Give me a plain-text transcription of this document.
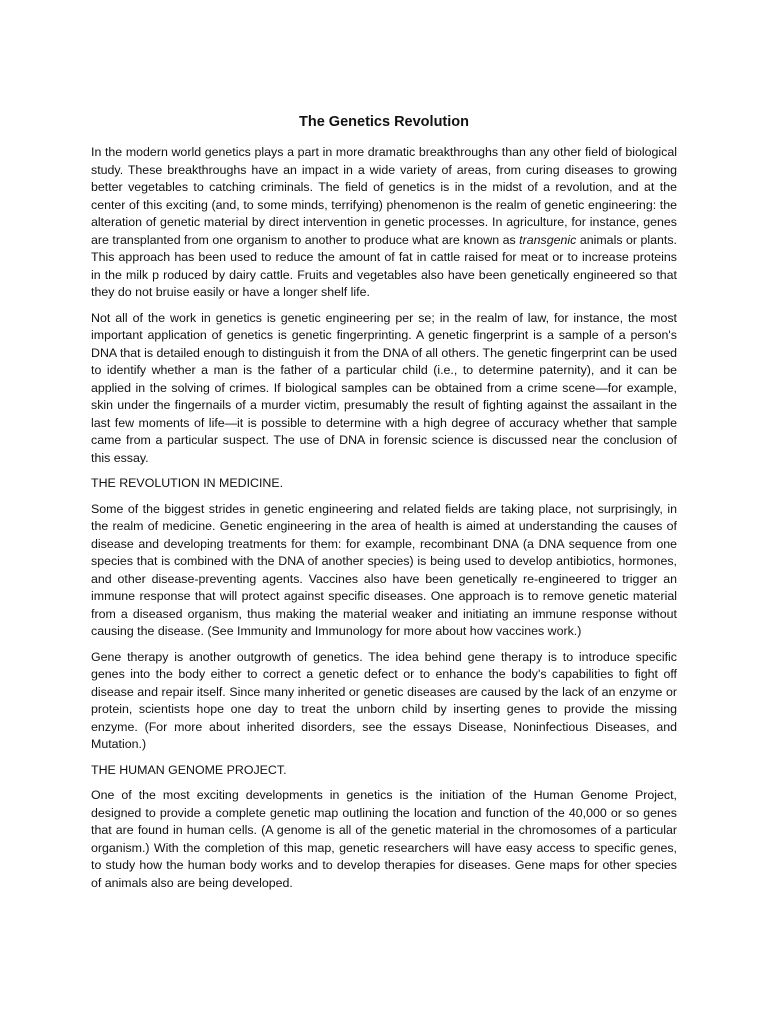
The Genetics Revolution

In the modern world genetics plays a part in more dramatic breakthroughs than any other field of biological study. These breakthroughs have an impact in a wide variety of areas, from curing diseases to growing better vegetables to catching criminals. The field of genetics is in the midst of a revolution, and at the center of this exciting (and, to some minds, terrifying) phenomenon is the realm of genetic engineering: the alteration of genetic material by direct intervention in genetic processes. In agriculture, for instance, genes are transplanted from one organism to another to produce what are known as transgenic animals or plants. This approach has been used to reduce the amount of fat in cattle raised for meat or to increase proteins in the milk p roduced by dairy cattle. Fruits and vegetables also have been genetically engineered so that they do not bruise easily or have a longer shelf life.

Not all of the work in genetics is genetic engineering per se; in the realm of law, for instance, the most important application of genetics is genetic fingerprinting. A genetic fingerprint is a sample of a person's DNA that is detailed enough to distinguish it from the DNA of all others. The genetic fingerprint can be used to identify whether a man is the father of a particular child (i.e., to determine paternity), and it can be applied in the solving of crimes. If biological samples can be obtained from a crime scene—for example, skin under the fingernails of a murder victim, presumably the result of fighting against the assailant in the last few moments of life—it is possible to determine with a high degree of accuracy whether that sample came from a particular suspect. The use of DNA in forensic science is discussed near the conclusion of this essay.

THE REVOLUTION IN MEDICINE.

Some of the biggest strides in genetic engineering and related fields are taking place, not surprisingly, in the realm of medicine. Genetic engineering in the area of health is aimed at understanding the causes of disease and developing treatments for them: for example, recombinant DNA (a DNA sequence from one species that is combined with the DNA of another species) is being used to develop antibiotics, hormones, and other disease-preventing agents. Vaccines also have been genetically re-engineered to trigger an immune response that will protect against specific diseases. One approach is to remove genetic material from a diseased organism, thus making the material weaker and initiating an immune response without causing the disease. (See Immunity and Immunology for more about how vaccines work.)

Gene therapy is another outgrowth of genetics. The idea behind gene therapy is to introduce specific genes into the body either to correct a genetic defect or to enhance the body's capabilities to fight off disease and repair itself. Since many inherited or genetic diseases are caused by the lack of an enzyme or protein, scientists hope one day to treat the unborn child by inserting genes to provide the missing enzyme. (For more about inherited disorders, see the essays Disease, Noninfectious Diseases, and Mutation.)

THE HUMAN GENOME PROJECT.

One of the most exciting developments in genetics is the initiation of the Human Genome Project, designed to provide a complete genetic map outlining the location and function of the 40,000 or so genes that are found in human cells. (A genome is all of the genetic material in the chromosomes of a particular organism.) With the completion of this map, genetic researchers will have easy access to specific genes, to study how the human body works and to develop therapies for diseases. Gene maps for other species of animals also are being developed.
